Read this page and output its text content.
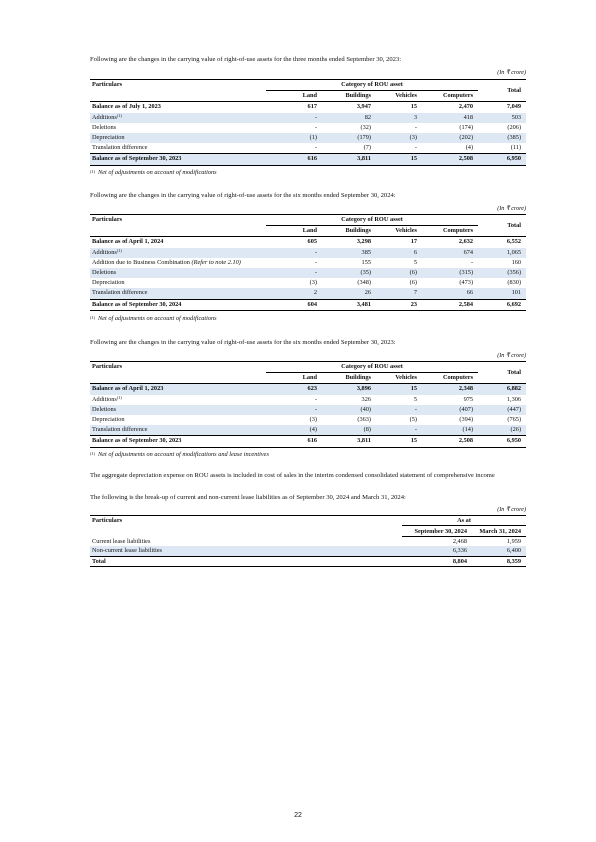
Following are the changes in the carrying value of right-of-use assets for the three months ended September 30, 2023:
(In ₹ crore)
Particulars	Category of ROU asset				Total
	Land	Buildings	Vehicles	Computers	
Balance as of July 1, 2023	617	3,947	15	2,470	7,049
Additions$^{(1)}$	-	82	3	418	503
Deletions	-	(32)	-	(174)	(206)
Depreciation	(1)	(179)	(3)	(202)	(385)
Translation difference	-	(7)	-	(4)	(11)
Balance as of September 30, 2023	616	3,811	15	2,508	6,950
$^{(1)}$ Net of adjustments on account of modifications
Following are the changes in the carrying value of right-of-use assets for the six months ended September 30, 2024:
(In ₹ crore)
Particulars	Category of ROU asset				Total
	Land	Buildings	Vehicles	Computers	
Balance as of April 1, 2024	605	3,298	17	2,632	6,552
Additions$^{(1)}$	-	385	6	674	1,065
Addition due to Business Combination (Refer to note 2.10)	-	155	5	-	160
Deletions	-	(35)	(6)	(315)	(356)
Depreciation	(3)	(348)	(6)	(473)	(830)
Translation difference	2	26	7	66	101
Balance as of September 30, 2024	604	3,481	23	2,584	6,692
$^{(1)}$ Net of adjustments on account of modifications
Following are the changes in the carrying value of right-of-use assets for the six months ended September 30, 2023:
(In ₹ crore)
Particulars	Category of ROU asset				Total
	Land	Buildings	Vehicles	Computers	
Balance as of April 1, 2023	623	3,896	15	2,348	6,882
Additions$^{(1)}$	-	326	5	975	1,306
Deletions	-	(40)	-	(407)	(447)
Depreciation	(3)	(363)	(5)	(394)	(765)
Translation difference	(4)	(8)	-	(14)	(26)
Balance as of September 30, 2023	616	3,811	15	2,508	6,950
$^{(1)}$ Net of adjustments on account of modifications and lease incentives
The aggregate depreciation expense on ROU assets is included in cost of sales in the interim condensed consolidated statement of comprehensive income
The following is the break-up of current and non-current lease liabilities as of September 30, 2024 and March 31, 2024:
(In ₹ crore)
Particulars	As at	
	September 30, 2024	March 31, 2024
Current lease liabilities	2,468	1,959
Non-current lease liabilities	6,336	6,400
Total	8,804	8,359
22
